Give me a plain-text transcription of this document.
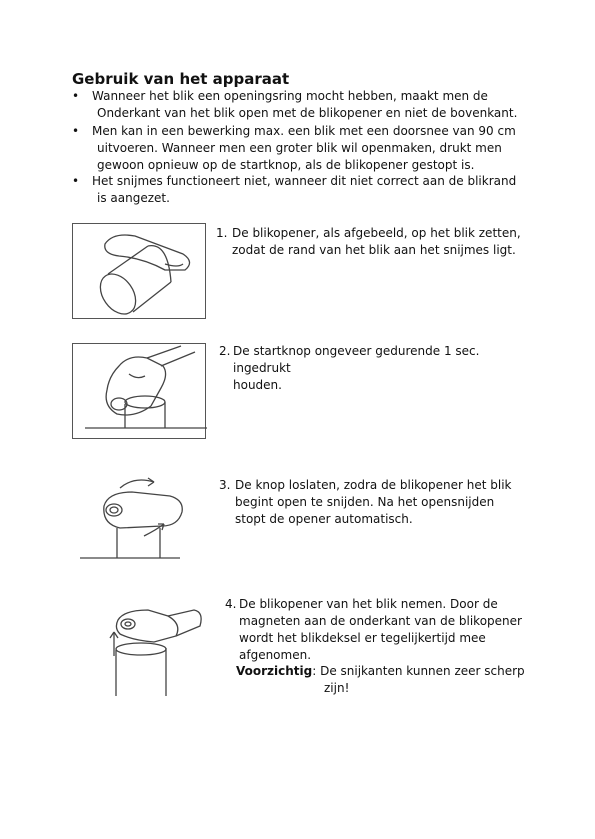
Gebruik van het apparaat
• Wanneer het blik een openingsring mocht hebben, maakt men de
Onderkant van het blik open met de blikopener en niet de bovenkant.
• Men kan in een bewerking max. een blik met een doorsnee van 90 cm
uitvoeren. Wanneer men een groter blik wil openmaken, drukt men
gewoon opnieuw op de startknop, als de blikopener gestopt is.
• Het snijmes functioneert niet, wanneer dit niet correct aan de blikrand
is aangezet.
1. De blikopener, als afgebeeld, op het blik zetten,
zodat de rand van het blik aan het snijmes ligt.
2. De startknop ongeveer gedurende 1 sec. ingedrukt
houden.
3. De knop loslaten, zodra de blikopener het blik
begint open te snijden. Na het opensnijden
stopt de opener automatisch.
4. De blikopener van het blik nemen. Door de
magneten aan de onderkant van de blikopener
wordt het blikdeksel er tegelijkertijd mee
afgenomen.
Voorzichtig: De snijkanten kunnen zeer scherp
zijn!
